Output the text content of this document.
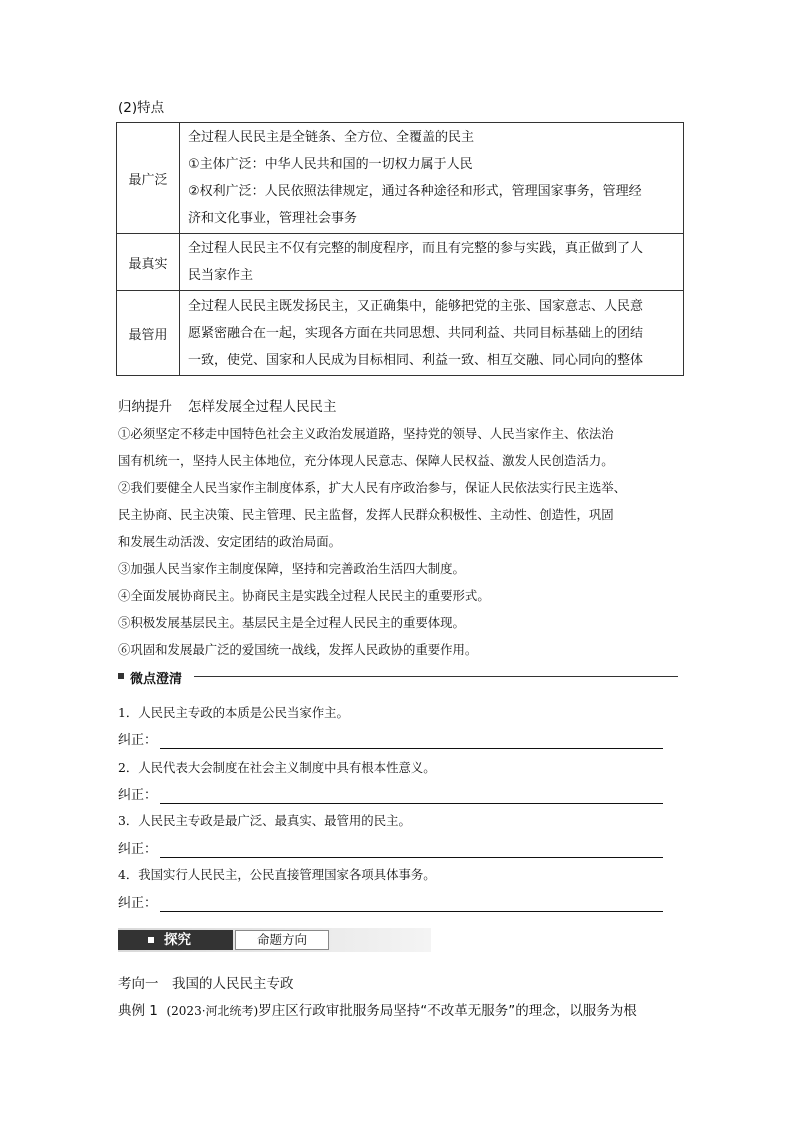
(2)特点
最广泛	全过程人民民主是全链条、全方位、全覆盖的民主
①主体广泛：中华人民共和国的一切权力属于人民
②权利广泛：人民依照法律规定，通过各种途径和形式，管理国家事务，管理经
济和文化事业，管理社会事务

最真实	全过程人民民主不仅有完整的制度程序，而且有完整的参与实践，真正做到了人
民当家作主

最管用	全过程人民民主既发扬民主，又正确集中，能够把党的主张、国家意志、人民意
愿紧密融合在一起，实现各方面在共同思想、共同利益、共同目标基础上的团结
一致，使党、国家和人民成为目标相同、利益一致、相互交融、同心同向的整体
归纳提升 怎样发展全过程人民民主

①必须坚定不移走中国特色社会主义政治发展道路，坚持党的领导、人民当家作主、依法治

国有机统一，坚持人民主体地位，充分体现人民意志、保障人民权益、激发人民创造活力。

②我们要健全人民当家作主制度体系，扩大人民有序政治参与，保证人民依法实行民主选举、

民主协商、民主决策、民主管理、民主监督，发挥人民群众积极性、主动性、创造性，巩固

和发展生动活泼、安定团结的政治局面。

③加强人民当家作主制度保障，坚持和完善政治生活四大制度。

④全面发展协商民主。协商民主是实践全过程人民民主的重要形式。

⑤积极发展基层民主。基层民主是全过程人民民主的重要体现。

⑥巩固和发展最广泛的爱国统一战线，发挥人民政协的重要作用。

微点澄清
1．人民民主专政的本质是公民当家作主。
纠正：
2．人民代表大会制度在社会主义制度中具有根本性意义。
纠正：
3．人民民主专政是最广泛、最真实、最管用的民主。
纠正：
4．我国实行人民民主，公民直接管理国家各项具体事务。
纠正：
探究	命题方向
考向一　我国的人民民主专政
典例 1 (2023·河北统考)罗庄区行政审批服务局坚持“不改革无服务”的理念，以服务为根
